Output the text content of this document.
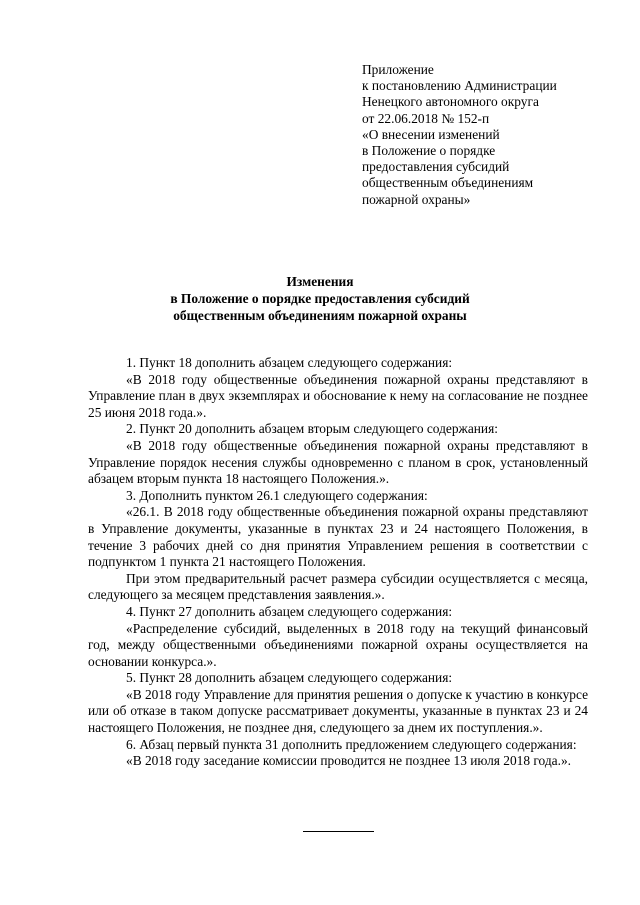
Приложение
к постановлению Администрации
Ненецкого автономного округа
от 22.06.2018 № 152-п
«О внесении изменений
в Положение о порядке
предоставления субсидий
общественным объединениям
пожарной охраны»
Изменения
в Положение о порядке предоставления субсидий
общественным объединениям пожарной охраны

1. Пункт 18 дополнить абзацем следующего содержания:

«В 2018 году общественные объединения пожарной охраны представляют в Управление план в двух экземплярах и обоснование к нему на согласование не позднее 25 июня 2018 года.».

2. Пункт 20 дополнить абзацем вторым следующего содержания:

«В 2018 году общественные объединения пожарной охраны представляют в Управление порядок несения службы одновременно с планом в срок, установленный абзацем вторым пункта 18 настоящего Положения.».

3. Дополнить пунктом 26.1 следующего содержания:

«26.1. В 2018 году общественные объединения пожарной охраны представляют в Управление документы, указанные в пунктах 23 и 24 настоящего Положения, в течение 3 рабочих дней со дня принятия Управлением решения в соответствии с подпунктом 1 пункта 21 настоящего Положения.

При этом предварительный расчет размера субсидии осуществляется с месяца, следующего за месяцем представления заявления.».

4. Пункт 27 дополнить абзацем следующего содержания:

«Распределение субсидий, выделенных в 2018 году на текущий финансовый год, между общественными объединениями пожарной охраны осуществляется на основании конкурса.».

5. Пункт 28 дополнить абзацем следующего содержания:

«В 2018 году Управление для принятия решения о допуске к участию в конкурсе или об отказе в таком допуске рассматривает документы, указанные в пунктах 23 и 24 настоящего Положения, не позднее дня, следующего за днем их поступления.».

6. Абзац первый пункта 31 дополнить предложением следующего содержания:

«В 2018 году заседание комиссии проводится не позднее 13 июля 2018 года.».
